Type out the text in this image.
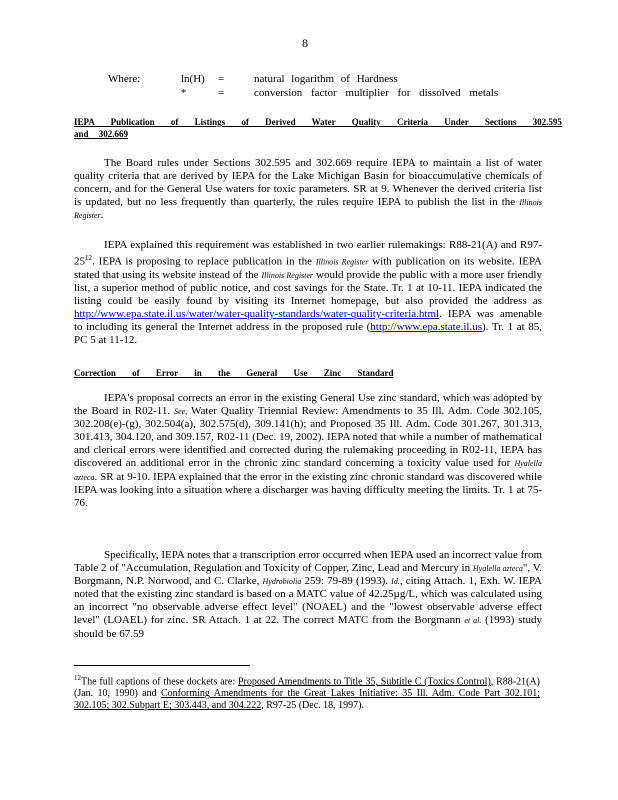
8
Where:	ln(H) =	natural logarithm of Hardness
*	=	conversion factor multiplier for dissolved metals
IEPA Publication of Listings of Derived Water Quality Criteria Under Sections 302.595
and 302.669
The Board rules under Sections 302.595 and 302.669 require IEPA to maintain a list of water quality criteria that are derived by IEPA for the Lake Michigan Basin for bioaccumulative chemicals of concern, and for the General Use waters for toxic parameters. SR at 9. Whenever the derived criteria list is updated, but no less frequently than quarterly, the rules require IEPA to publish the list in the Illinois Register.
IEPA explained this requirement was established in two earlier rulemakings: R88-21(A) and $R97-25^{12}$. IEPA is proposing to replace publication in the Illinois Register with publication on its website. IEPA stated that using its website instead of the Illinois Register would provide the public with a more user friendly list, a superior method of public notice, and cost savings for the State. Tr. 1 at 10-11. IEPA indicated the listing could be easily found by visiting its Internet homepage, but also provided the address as http://www.epa.state.il.us/water/water-quality-standards/water-quality-criteria.html. IEPA was amenable to including its general the Internet address in the proposed rule (http://www.epa.state.il.us). Tr. 1 at 85, PC 5 at 11-12.
Correction of Error in the General Use Zinc Standard
IEPA's proposal corrects an error in the existing General Use zinc standard, which was adopted by the Board in R02-11. See, Water Quality Triennial Review: Amendments to 35 Ill. Adm. Code 302.105, 302.208(e)-(g), 302.504(a), 302.575(d), 309.141(h); and Proposed 35 Ill. Adm. Code 301.267, 301.313, 301.413, 304.120, and 309.157, R02-11 (Dec. 19, 2002). IEPA noted that while a number of mathematical and clerical errors were identified and corrected during the rulemaking proceeding in R02-11, IEPA has discovered an additional error in the chronic zinc standard concerning a toxicity value used for Hyalella azteca. SR at 9-10. IEPA explained that the error in the existing zinc chronic standard was discovered while IEPA was looking into a situation where a discharger was having difficulty meeting the limits. Tr. 1 at 75-76.
Specifically, IEPA notes that a transcription error occurred when IEPA used an incorrect value from Table 2 of "Accumulation, Regulation and Toxicity of Copper, Zinc, Lead and Mercury in Hyalella azteca", V. Borgmann, N.P. Norwood, and C. Clarke, Hydrobiolia 259: 79-89 (1993). Id., citing Attach. 1, Exh. W. IEPA noted that the existing zinc standard is based on a MATC value of 42.25µg/L, which was calculated using an incorrect "no observable adverse effect level" (NOAEL) and the "lowest observable adverse effect level" (LOAEL) for zinc. SR Attach. 1 at 22. The correct MATC from the Borgmann et al. (1993) study should be 67.59
$^{12}$The full captions of these dockets are: Proposed Amendments to Title 35, Subtitle C (Toxics Control), R88-21(A) (Jan. 10, 1990) and Conforming Amendments for the Great Lakes Initiative: 35 Ill. Adm. Code Part 302.101; 302.105; 302.Subpart E; 303.443, and 304.222, R97-25 (Dec. 18, 1997).
